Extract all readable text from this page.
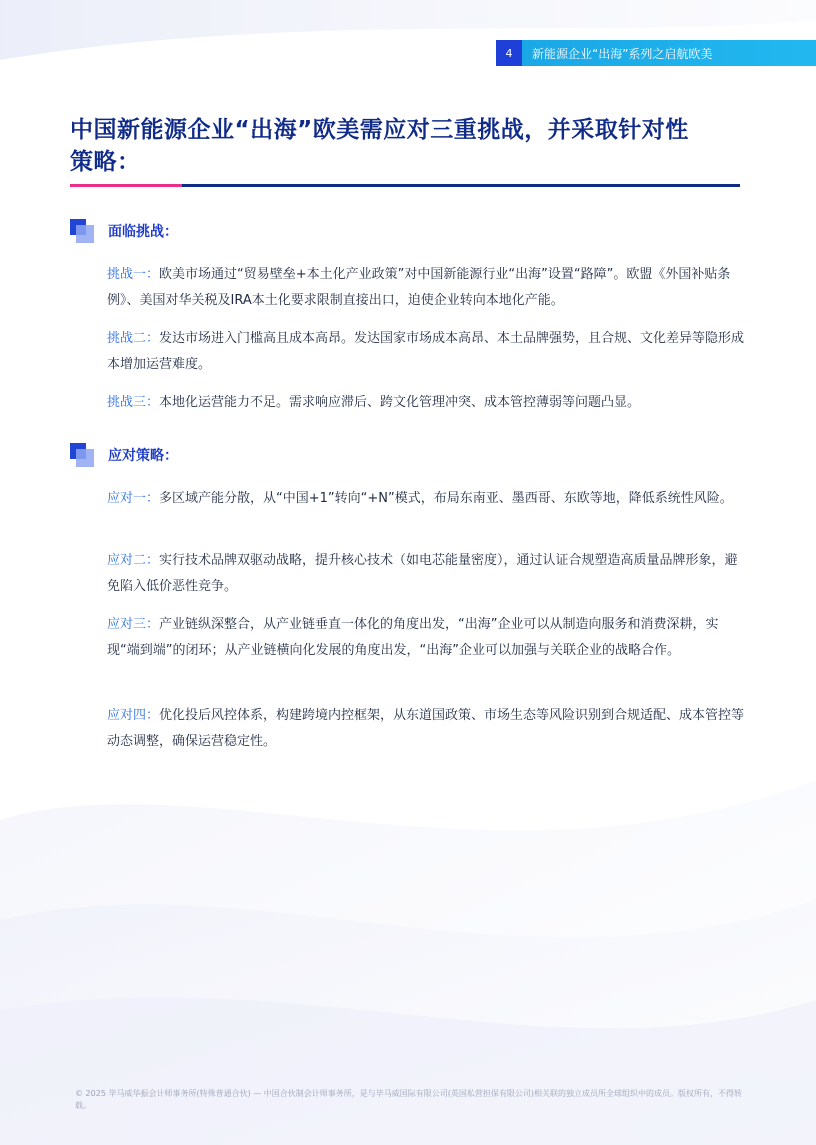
4	新能源企业“出海”系列之启航欧美
中国新能源企业“出海”欧美需应对三重挑战，并采取针对性
策略：
面临挑战：

挑战一：欧美市场通过“贸易壁垒+本土化产业政策”对中国新能源行业“出海”设置“路障”。欧盟《外国补贴条例》、美国对华关税及IRA本土化要求限制直接出口，迫使企业转向本地化产能。

挑战二：发达市场进入门槛高且成本高昂。发达国家市场成本高昂、本土品牌强势，且合规、文化差异等隐形成本增加运营难度。

挑战三：本地化运营能力不足。需求响应滞后、跨文化管理冲突、成本管控薄弱等问题凸显。

应对策略：

应对一：多区域产能分散，从“中国+1”转向“+N”模式，布局东南亚、墨西哥、东欧等地，降低系统性风险。

应对二：实行技术品牌双驱动战略，提升核心技术（如电芯能量密度），通过认证合规塑造高质量品牌形象，避免陷入低价恶性竞争。

应对三：产业链纵深整合，从产业链垂直一体化的角度出发，“出海”企业可以从制造向服务和消费深耕，实现“端到端”的闭环；从产业链横向化发展的角度出发，“出海”企业可以加强与关联企业的战略合作。

应对四：优化投后风控体系，构建跨境内控框架，从东道国政策、市场生态等风险识别到合规适配、成本管控等动态调整，确保运营稳定性。

© 2025 毕马威华振会计师事务所(特殊普通合伙) — 中国合伙制会计师事务所，是与毕马威国际有限公司(英国私营担保有限公司)相关联的独立成员所全球组织中的成员。版权所有，不得转载。
